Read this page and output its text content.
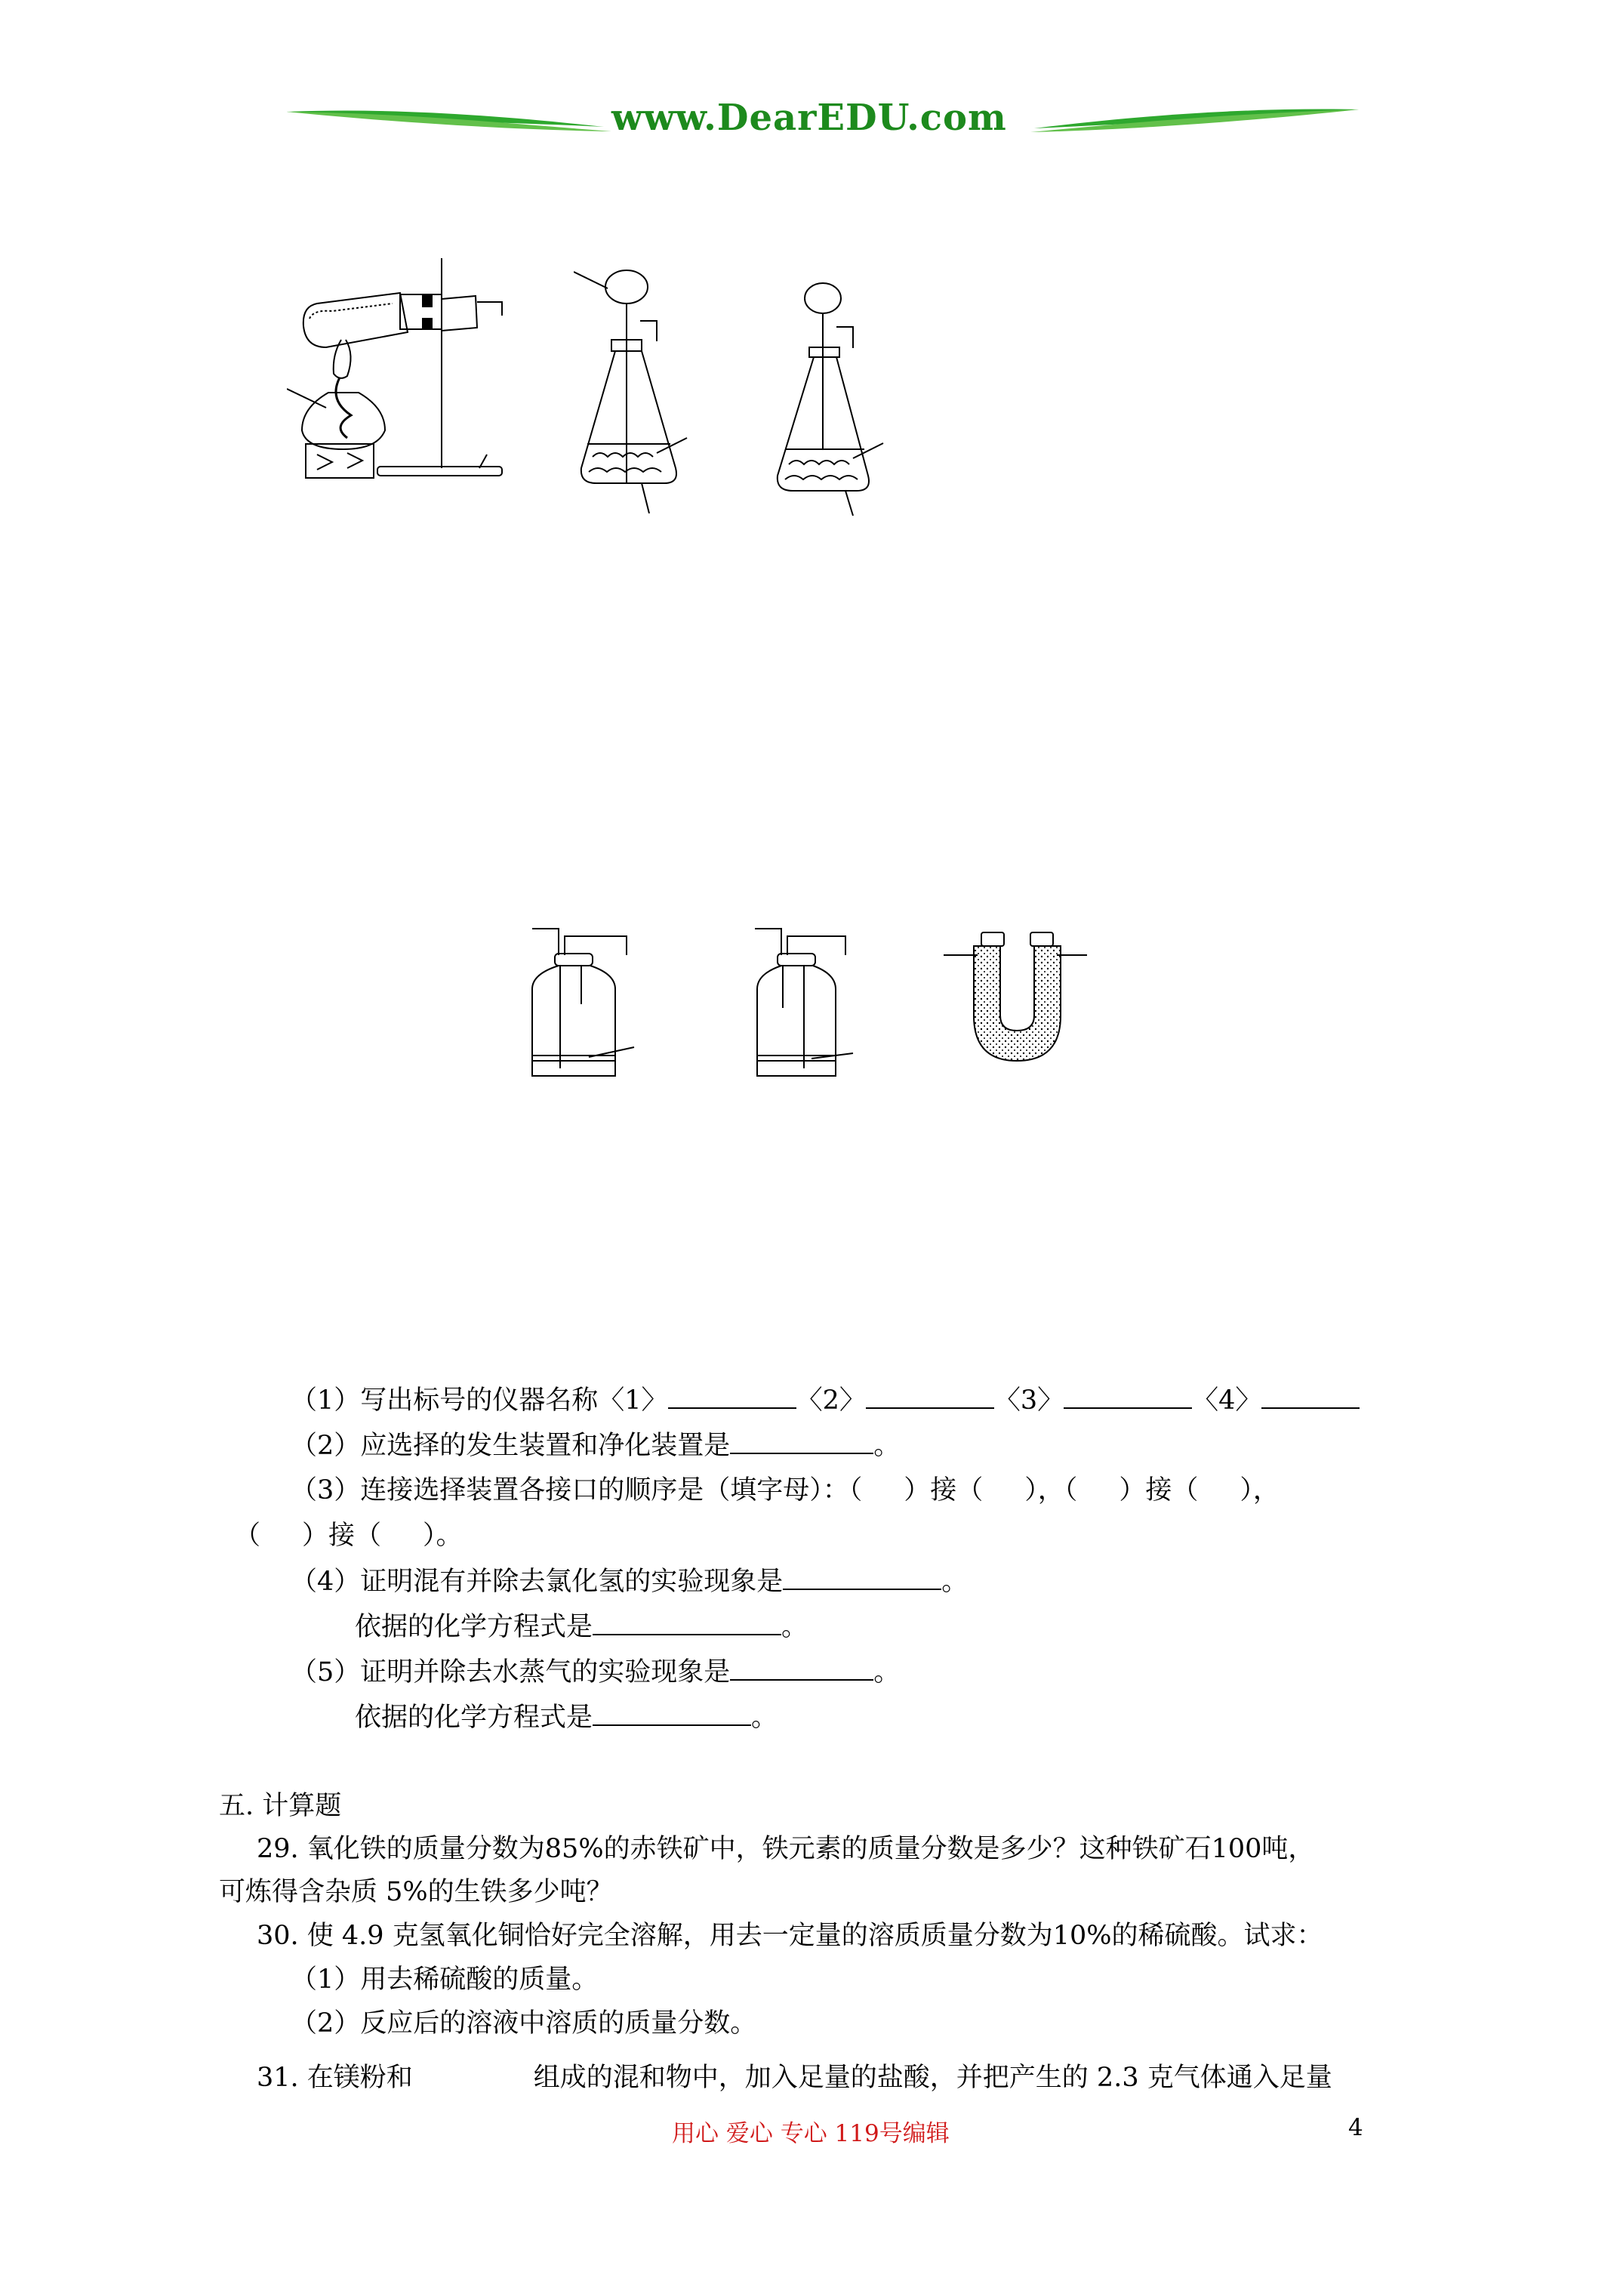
www.DearEDU.com
（1）写出标号的仪器名称〈1〉	〈2〉	〈3〉	〈4〉
（2）应选择的发生装置和净化装置是	。
（3）连接选择装置各接口的顺序是（填字母）：（ ）接（ ），（ ）接（ ），
（ ）接（ ）。
（4）证明混有并除去氯化氢的实验现象是	。
依据的化学方程式是	。
（5）证明并除去水蒸气的实验现象是	。
依据的化学方程式是	。
五. 计算题
29. 氧化铁的质量分数为85%的赤铁矿中，铁元素的质量分数是多少？这种铁矿石100吨，
可炼得含杂质 5%的生铁多少吨？
30. 使 4.9 克氢氧化铜恰好完全溶解，用去一定量的溶质质量分数为10%的稀硫酸。试求：
（1）用去稀硫酸的质量。
（2）反应后的溶液中溶质的质量分数。
31. 在镁粉和	组成的混和物中，加入足量的盐酸，并把产生的 2.3 克气体通入足量
用心 爱心 专心 119号编辑	4
